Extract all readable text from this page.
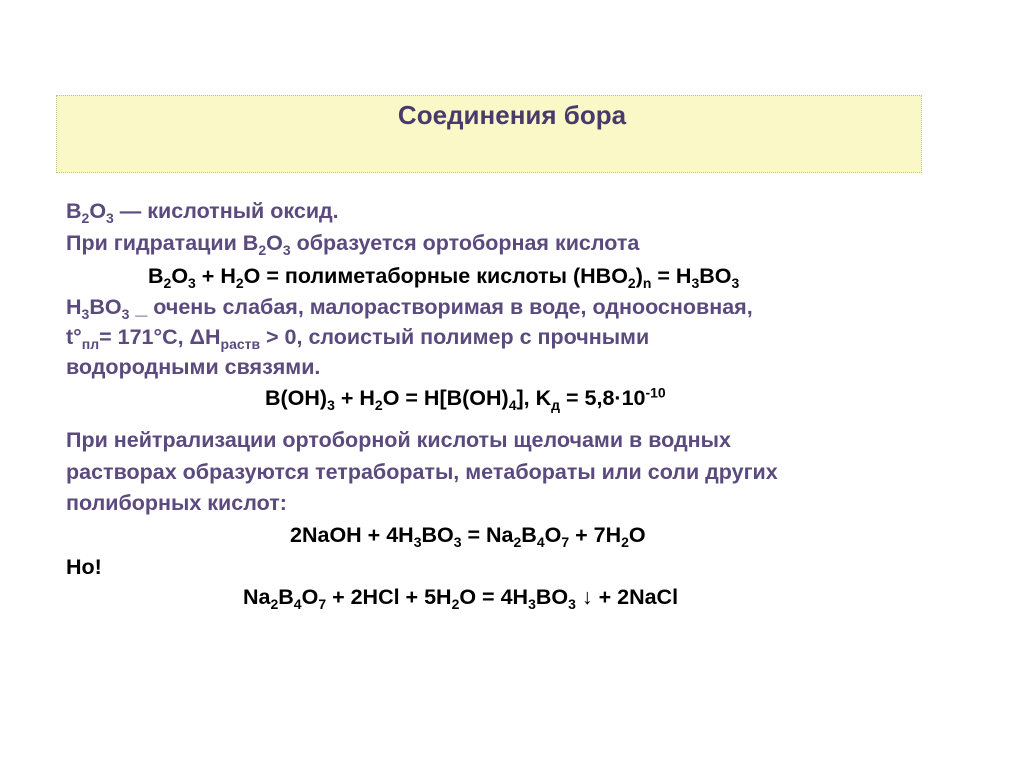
Соединения бора
$B_2O_3$ — кислотный оксид.
При гидратации $B_2O_3$ образуется ортоборная кислота
$B_2O_3 + H_2O$ = полиметаборные кислоты $(HBO_2)_n = H_3BO_3$
$H_3BO_3$ _ очень слабая, малорастворимая в воде, одноосновная,
$t^\circ_{пл}= 171^\circ С$, $\Delta H_{раств} > 0$, слоистый полимер с прочными
водородными связями.
$B(OH)_3 + H_2O = H[B(OH)_4]$, $K_д = 5,8\cdot 10^{-10}$
При нейтрализации ортоборной кислоты щелочами в водных
растворах образуются тетрабораты, метабораты или соли других
полиборных кислот:
2NaOH + $4H_3BO_3 = Na_2B_4O_7 + 7H_2O$
Но!
$Na_2B_4O_7 + 2HCl + 5H_2O = 4H_3BO_3$ ↓ + 2NaCl
